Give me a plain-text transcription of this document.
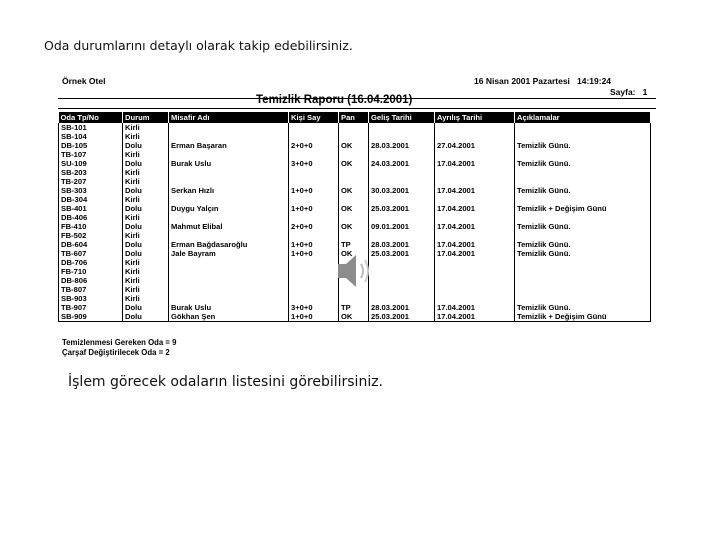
Oda durumlarını detaylı olarak takip edebilirsiniz.
Örnek Otel	16 Nisan 2001 Pazartesi   14:19:24
Sayfa:   1
Temizlik Raporu (16.04.2001)
Oda Tp/No	Durum	Misafir Adı	Kişi Say	Pan	Geliş Tarihi	Ayrılış Tarihi	Açıklamalar
SB-101	Kirli						
SB-104	Kirli						
DB-105	Dolu	Erman Başaran	2+0+0	OK	28.03.2001	27.04.2001	Temizlik Günü.
TB-107	Kirli						
SU-109	Dolu	Burak Uslu	3+0+0	OK	24.03.2001	17.04.2001	Temizlik Günü.
SB-203	Kirli						
TB-207	Kirli						
SB-303	Dolu	Serkan Hızlı	1+0+0	OK	30.03.2001	17.04.2001	Temizlik Günü.
DB-304	Kirli						
SB-401	Dolu	Duygu Yalçın	1+0+0	OK	25.03.2001	17.04.2001	Temizlik + Değişim Günü
DB-406	Kirli						
FB-410	Dolu	Mahmut Elibal	2+0+0	OK	09.01.2001	17.04.2001	Temizlik Günü.
FB-502	Kirli						
DB-604	Dolu	Erman Bağdasaroğlu	1+0+0	TP	28.03.2001	17.04.2001	Temizlik Günü.
TB-607	Dolu	Jale Bayram	1+0+0	OK	25.03.2001	17.04.2001	Temizlik Günü.
DB-706	Kirli						
FB-710	Kirli						
DB-806	Kirli						
TB-807	Kirli						
SB-903	Kirli						
TB-907	Dolu	Burak Uslu	3+0+0	TP	28.03.2001	17.04.2001	Temizlik Günü.
SB-909	Dolu	Gökhan Şen	1+0+0	OK	25.03.2001	17.04.2001	Temizlik + Değişim Günü
Temizlenmesi Gereken Oda = 9
Çarşaf Değiştirilecek Oda = 2
İşlem görecek odaların listesini görebilirsiniz.
